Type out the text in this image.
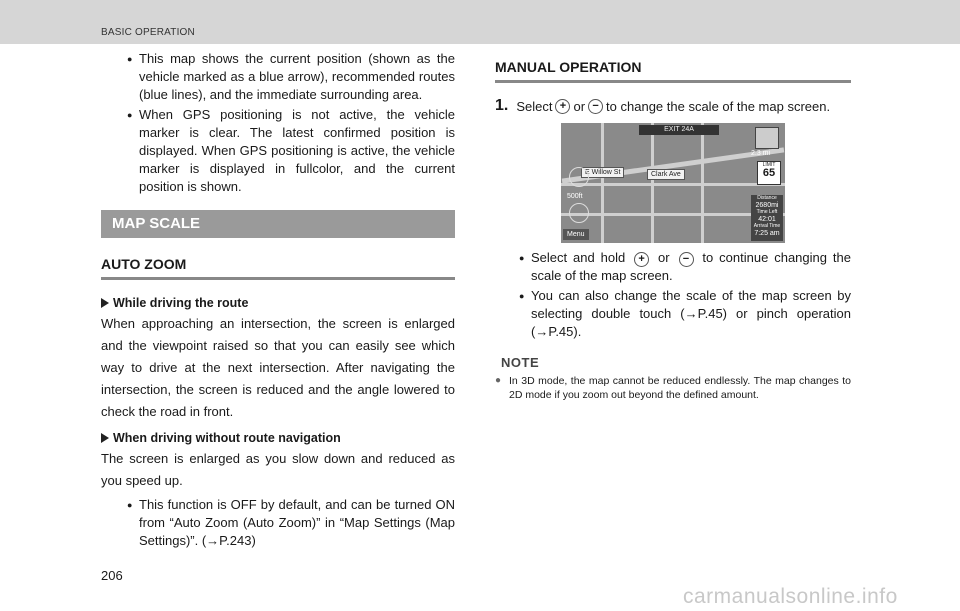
BASIC OPERATION
● This map shows the current position (shown as the vehicle marked as a blue arrow), recommended routes (blue lines), and the immediate surrounding area.
● When GPS positioning is not active, the vehicle marker is clear. The latest confirmed position is displayed. When GPS positioning is active, the vehicle marker is displayed in fullcolor, and the current position is shown.
MAP SCALE
AUTO ZOOM
While driving the route
When approaching an intersection, the screen is enlarged and the viewpoint raised so that you can easily see which way to drive at the next intersection. After navigating the intersection, the screen is reduced and the angle lowered to check the road in front.
When driving without route navigation
The screen is enlarged as you slow down and reduced as you speed up.
● This function is OFF by default, and can be turned ON from “Auto Zoom (Auto Zoom)” in “Map Settings (Map Settings)”. (→P.243)
MANUAL OPERATION
1. Select + or − to change the scale of the map screen.
EXIT 24A
E Willow St	Clark Ave
500ft
Menu
2.3 mi
LIMIT
65
Distance
2680mi
Time Left
42:01
Arrival Time
7:25 am
● Select and hold + or − to continue changing the scale of the map screen.
● You can also change the scale of the map screen by selecting double touch (→P.45) or pinch operation (→P.45).
NOTE
● In 3D mode, the map cannot be reduced endlessly. The map changes to 2D mode if you zoom out beyond the defined amount.
206
carmanualsonline.info
